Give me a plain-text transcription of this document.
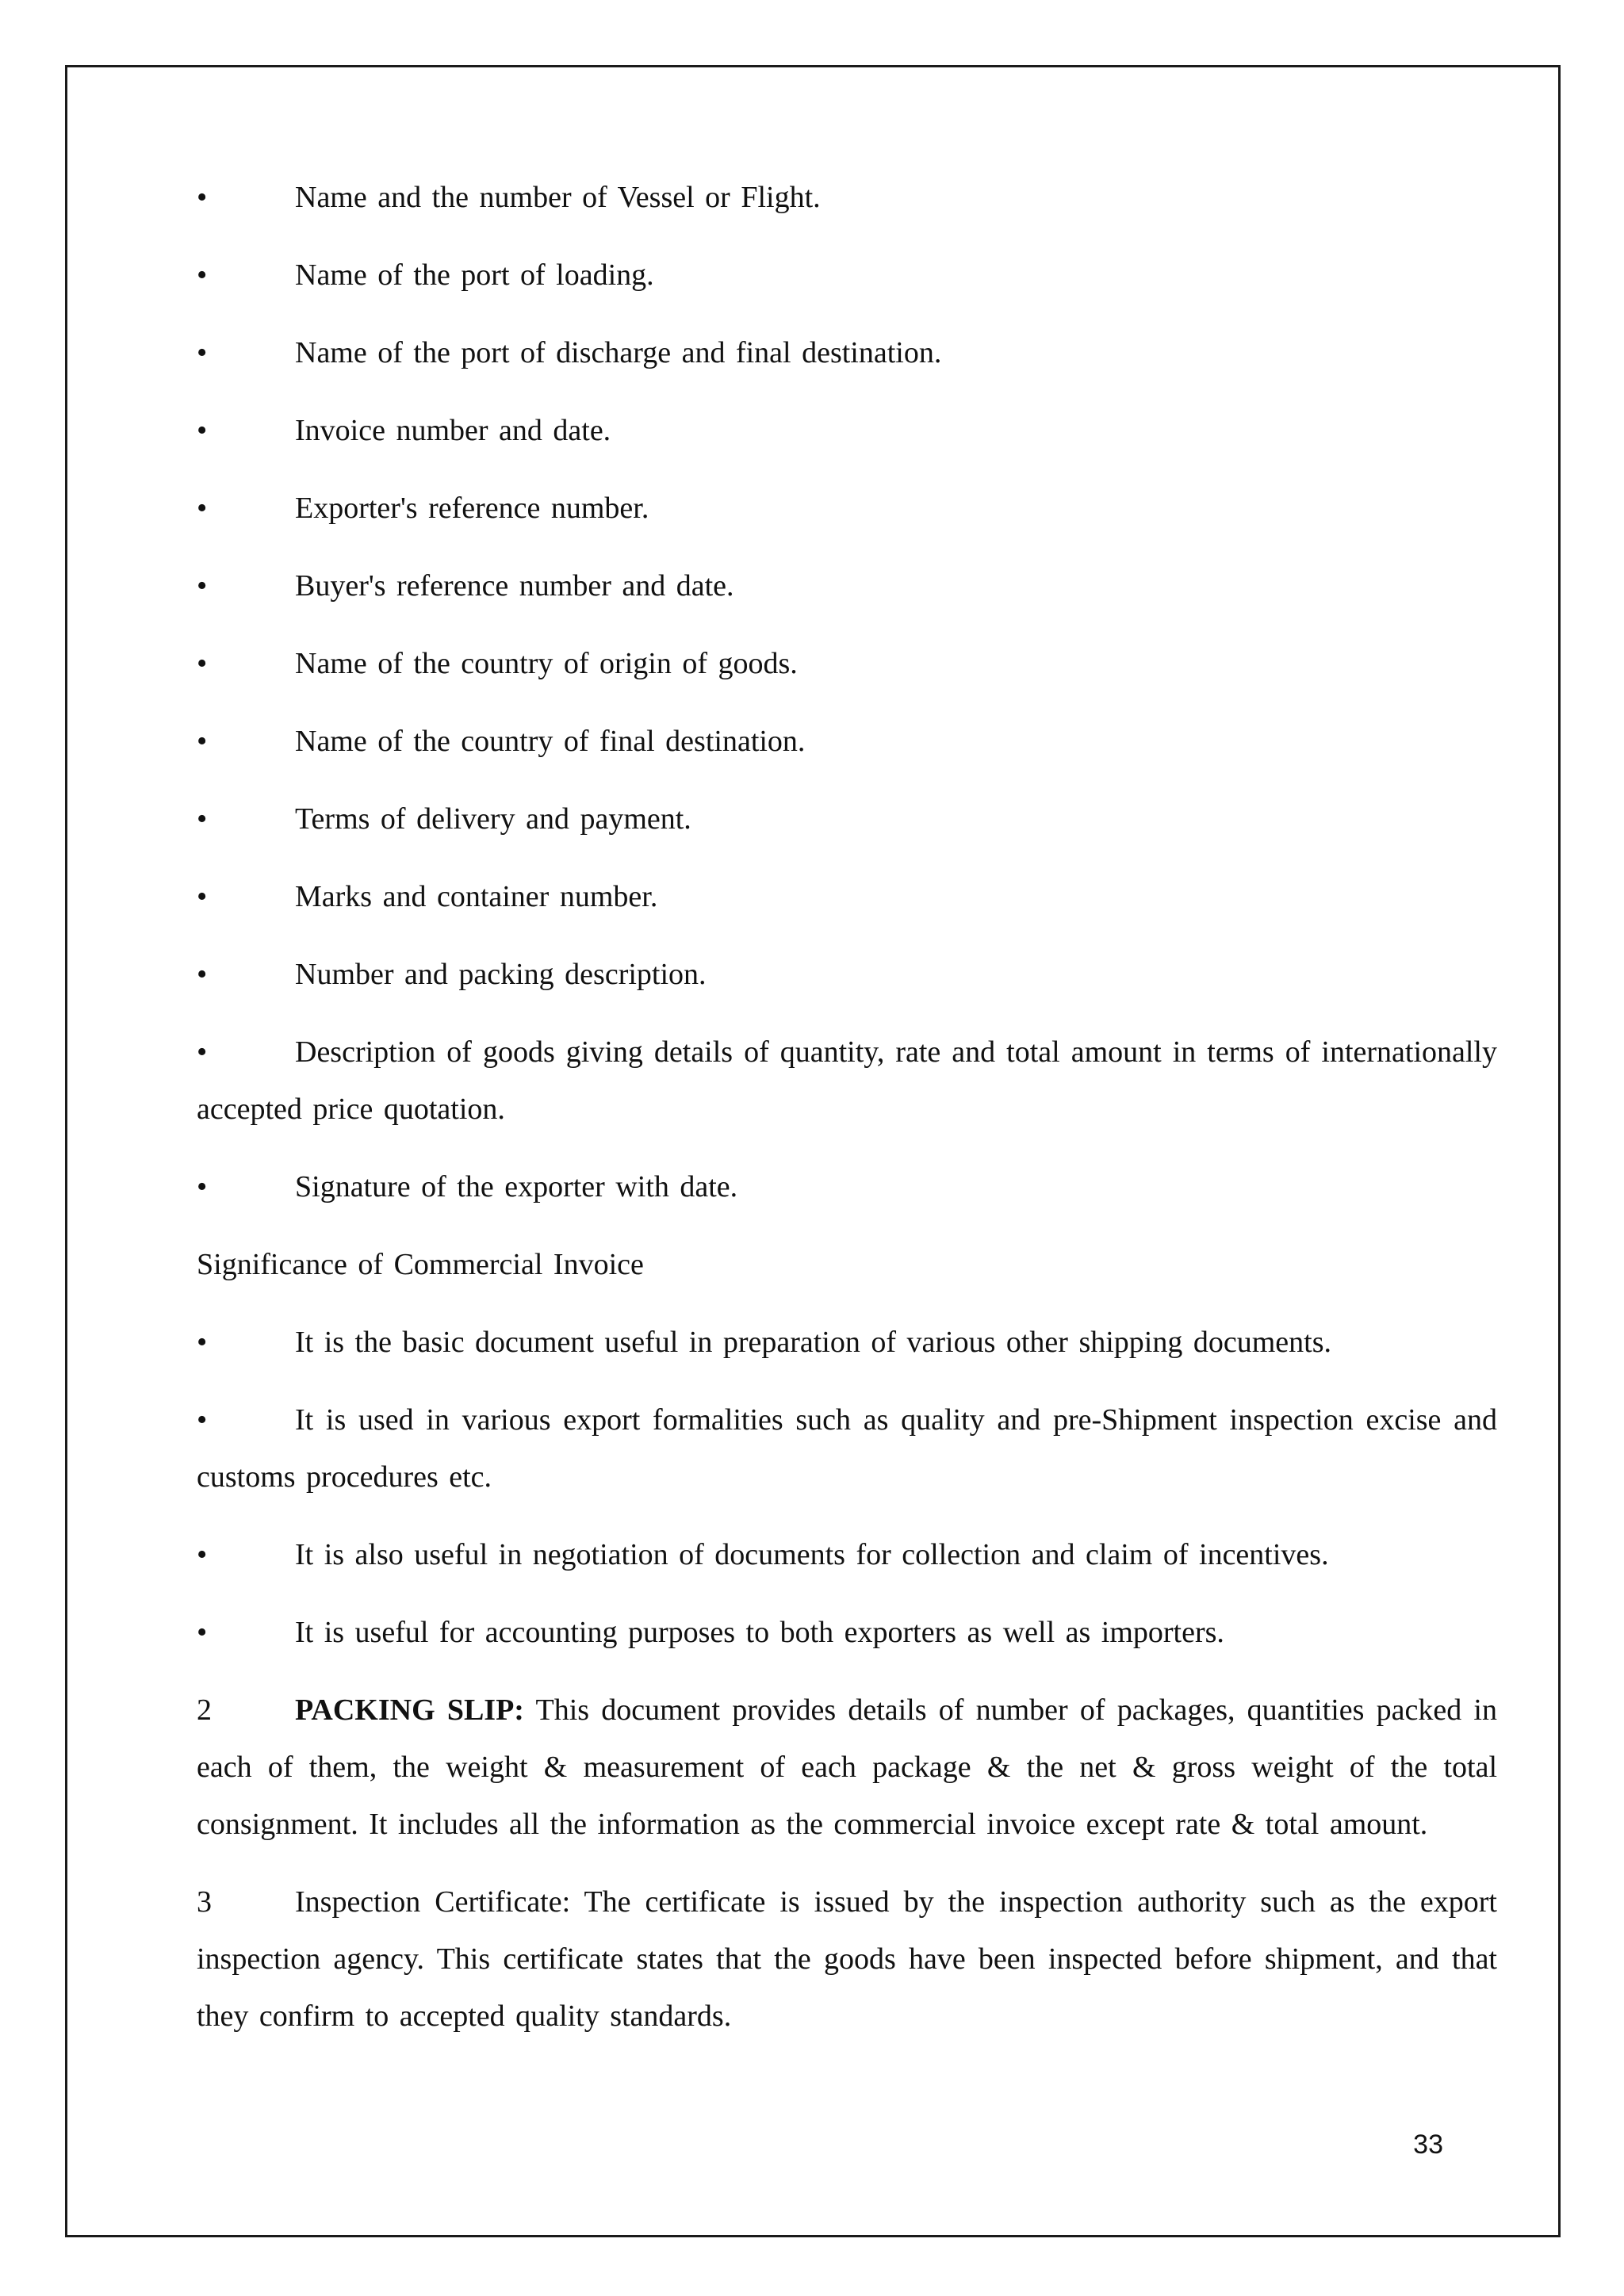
•	Name and the number of Vessel or Flight.
•	Name of the port of loading.
•	Name of the port of discharge and final destination.
•	Invoice number and date.
•	Exporter's reference number.
•	Buyer's reference number and date.
•	Name of the country of origin of goods.
•	Name of the country of final destination.
•	Terms of delivery and payment.
•	Marks and container number.
•	Number and packing description.
•	Description of goods giving details of quantity, rate and total amount in terms of internationally accepted price quotation.
•	Signature of the exporter with date.
Significance of Commercial Invoice
•	It is the basic document useful in preparation of various other shipping documents.
•	It is used in various export formalities such as quality and pre-Shipment inspection excise and customs procedures etc.
•	It is also useful in negotiation of documents for collection and claim of incentives.
•	It is useful for accounting purposes to both exporters as well as importers.
2	PACKING SLIP: This document provides details of number of packages, quantities packed in each of them, the weight & measurement of each package & the net & gross weight of the total consignment. It includes all the information as the commercial invoice except rate & total amount.
3	Inspection Certificate: The certificate is issued by the inspection authority such as the export inspection agency. This certificate states that the goods have been inspected before shipment, and that they confirm to accepted quality standards.
33
